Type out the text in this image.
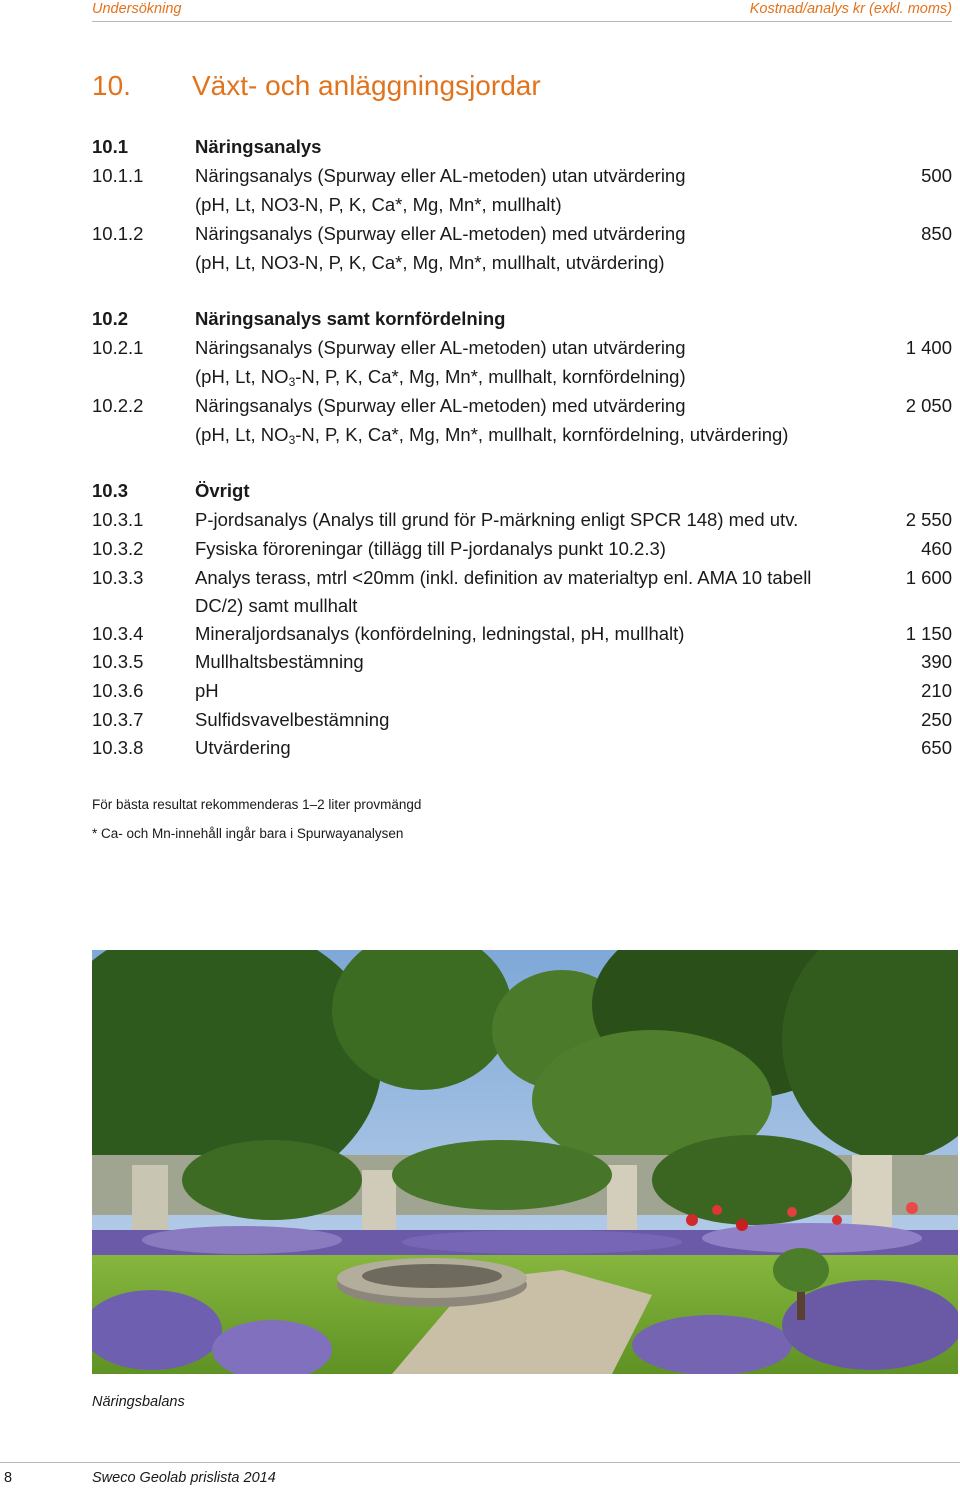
Undersökning	Kostnad/analys kr (exkl. moms)
10. Växt- och anläggningsjordar
10.1	Näringsanalys
10.1.1	Näringsanalys (Spurway eller AL-metoden) utan utvärdering	500
(pH, Lt, NO3-N, P, K, Ca*, Mg, Mn*, mullhalt)
10.1.2	Näringsanalys (Spurway eller AL-metoden) med utvärdering	850
(pH, Lt, NO3-N, P, K, Ca*, Mg, Mn*, mullhalt, utvärdering)
10.2	Näringsanalys samt kornfördelning
10.2.1	Näringsanalys (Spurway eller AL-metoden) utan utvärdering	1 400
(pH, Lt, $NO_3-N$, P, K, Ca*, Mg, Mn*, mullhalt, kornfördelning)
10.2.2	Näringsanalys (Spurway eller AL-metoden) med utvärdering	2 050
(pH, Lt, $NO_3-N$, P, K, Ca*, Mg, Mn*, mullhalt, kornfördelning, utvärdering)
10.3	Övrigt
10.3.1	P-jordsanalys (Analys till grund för P-märkning enligt SPCR 148) med utv.	2 550
10.3.2	Fysiska föroreningar (tillägg till P-jordanalys punkt 10.2.3)	460
10.3.3	Analys terass, mtrl <20mm (inkl. definition av materialtyp enl. AMA 10 tabell	1 600
DC/2) samt mullhalt
10.3.4	Mineraljordsanalys (konfördelning, ledningstal, pH, mullhalt)	1 150
10.3.5	Mullhaltsbestämning	390
10.3.6	pH	210
10.3.7	Sulfidsvavelbestämning	250
10.3.8	Utvärdering	650
För bästa resultat rekommenderas 1–2 liter provmängd
* Ca- och Mn-innehåll ingår bara i Spurwayanalysen
Näringsbalans
8	Sweco Geolab prislista 2014
